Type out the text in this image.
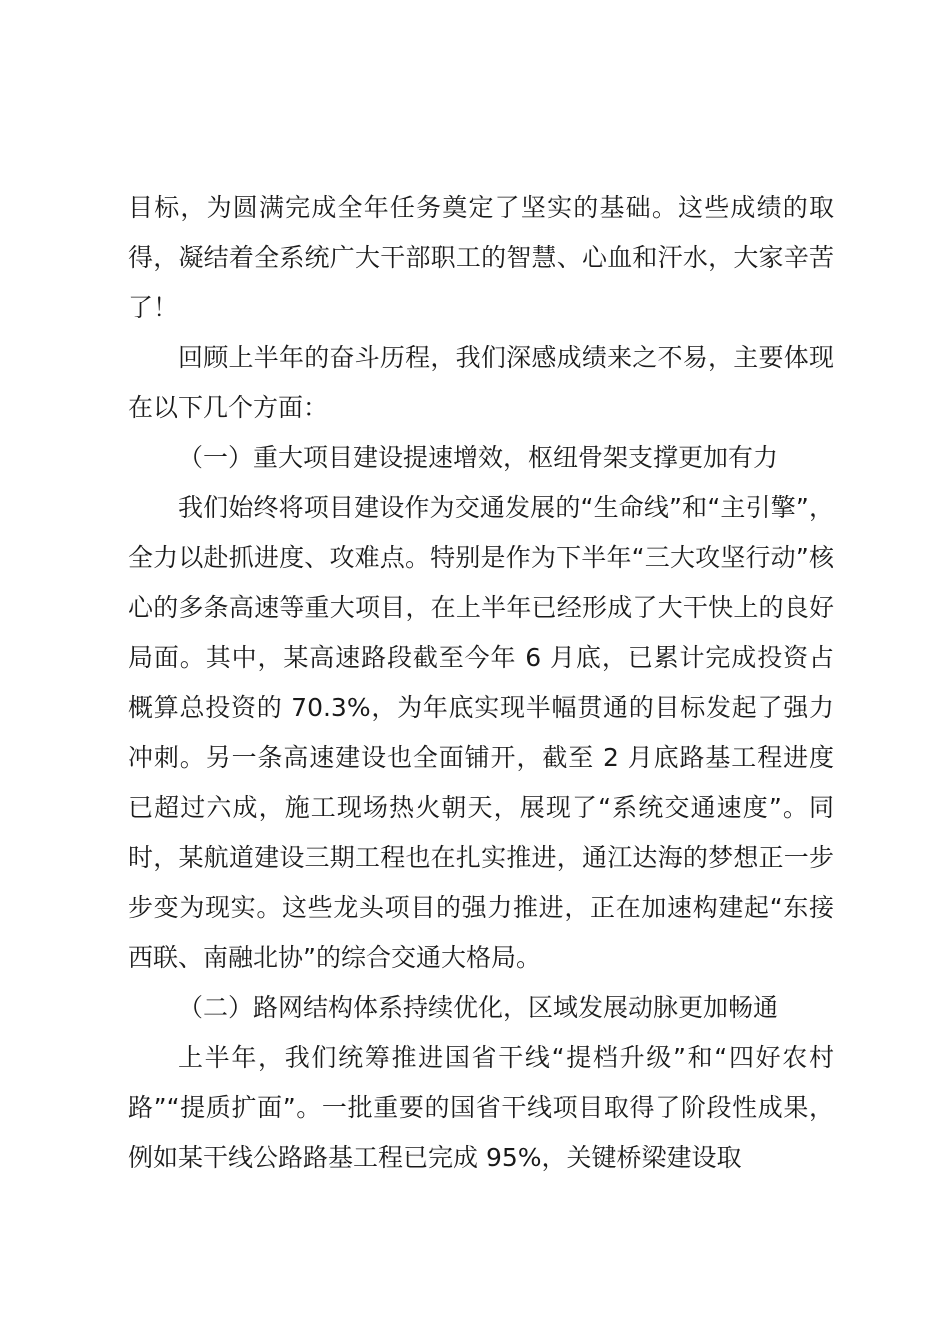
目标，为圆满完成全年任务奠定了坚实的基础。这些成绩的取得，凝结着全系统广大干部职工的智慧、心血和汗水，大家辛苦了！

回顾上半年的奋斗历程，我们深感成绩来之不易，主要体现在以下几个方面：

（一）重大项目建设提速增效，枢纽骨架支撑更加有力

我们始终将项目建设作为交通发展的“生命线”和“主引擎”，全力以赴抓进度、攻难点。特别是作为下半年“三大攻坚行动”核心的多条高速等重大项目，在上半年已经形成了大干快上的良好局面。其中，某高速路段截至今年 6 月底，已累计完成投资占概算总投资的 70.3%，为年底实现半幅贯通的目标发起了强力冲刺。另一条高速建设也全面铺开，截至 2 月底路基工程进度已超过六成，施工现场热火朝天，展现了“系统交通速度”。同时，某航道建设三期工程也在扎实推进，通江达海的梦想正一步步变为现实。这些龙头项目的强力推进，正在加速构建起“东接西联、南融北协”的综合交通大格局。

（二）路网结构体系持续优化，区域发展动脉更加畅通

上半年，我们统筹推进国省干线“提档升级”和“四好农村路”“提质扩面”。一批重要的国省干线项目取得了阶段性成果，例如某干线公路路基工程已完成 95%，关键桥梁建设取
